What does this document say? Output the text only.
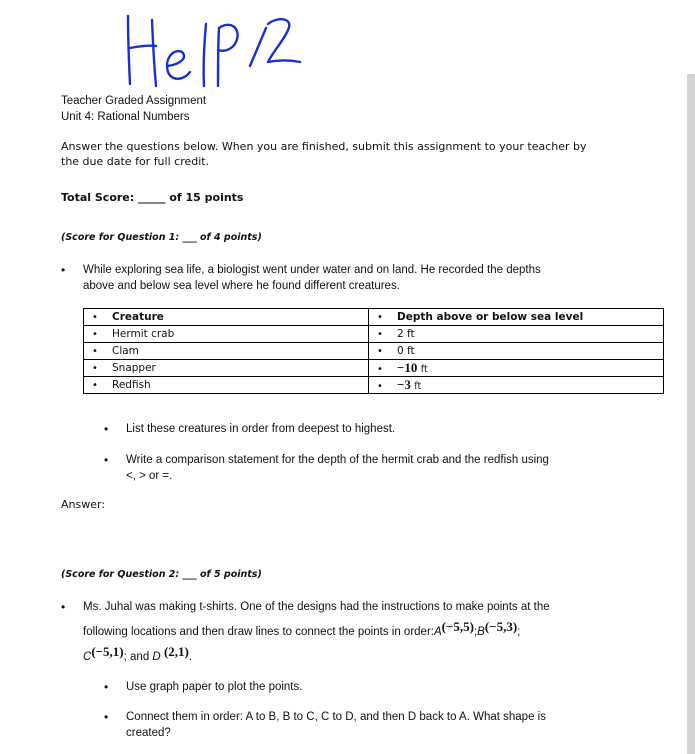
Teacher Graded Assignment
Unit 4: Rational Numbers
Answer the questions below. When you are finished, submit this assignment to your teacher by
the due date for full credit.
Total Score: _____ of 15 points
(Score for Question 1: ___ of 4 points)
• While exploring sea life, a biologist went under water and on land. He recorded the depths
above and below sea level where he found different creatures.
• Creature	• Depth above or below sea level
• Hermit crab	• 2 ft
• Clam	• 0 ft
• Snapper	• −10 ft
• Redfish	• −3 ft
• List these creatures in order from deepest to highest.
• Write a comparison statement for the depth of the hermit crab and the redfish using
<, > or =.
Answer:
(Score for Question 2: ___ of 5 points)
• Ms. Juhal was making t-shirts. One of the designs had the instructions to make points at the
following locations and then draw lines to connect the points in order:A(−5,5);B(−5,3);
C(−5,1); and D (2,1).
• Use graph paper to plot the points.
• Connect them in order: A to B, B to C, C to D, and then D back to A. What shape is
created?
